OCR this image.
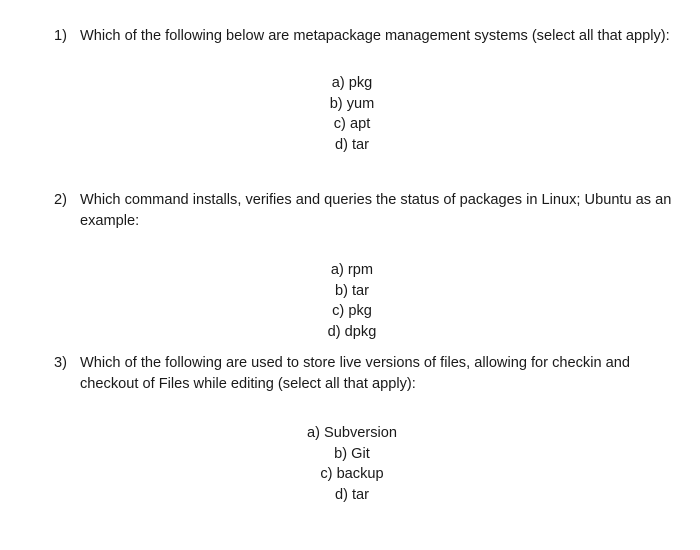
1) Which of the following below are metapackage management systems (select all that apply):
a) pkg
b) yum
c) apt
d) tar
2) Which command installs, verifies and queries the status of packages in Linux; Ubuntu as an example:
a) rpm
b) tar
c) pkg
d) dpkg
3) Which of the following are used to store live versions of files, allowing for checkin and checkout of Files while editing (select all that apply):
a) Subversion
b) Git
c) backup
d) tar
